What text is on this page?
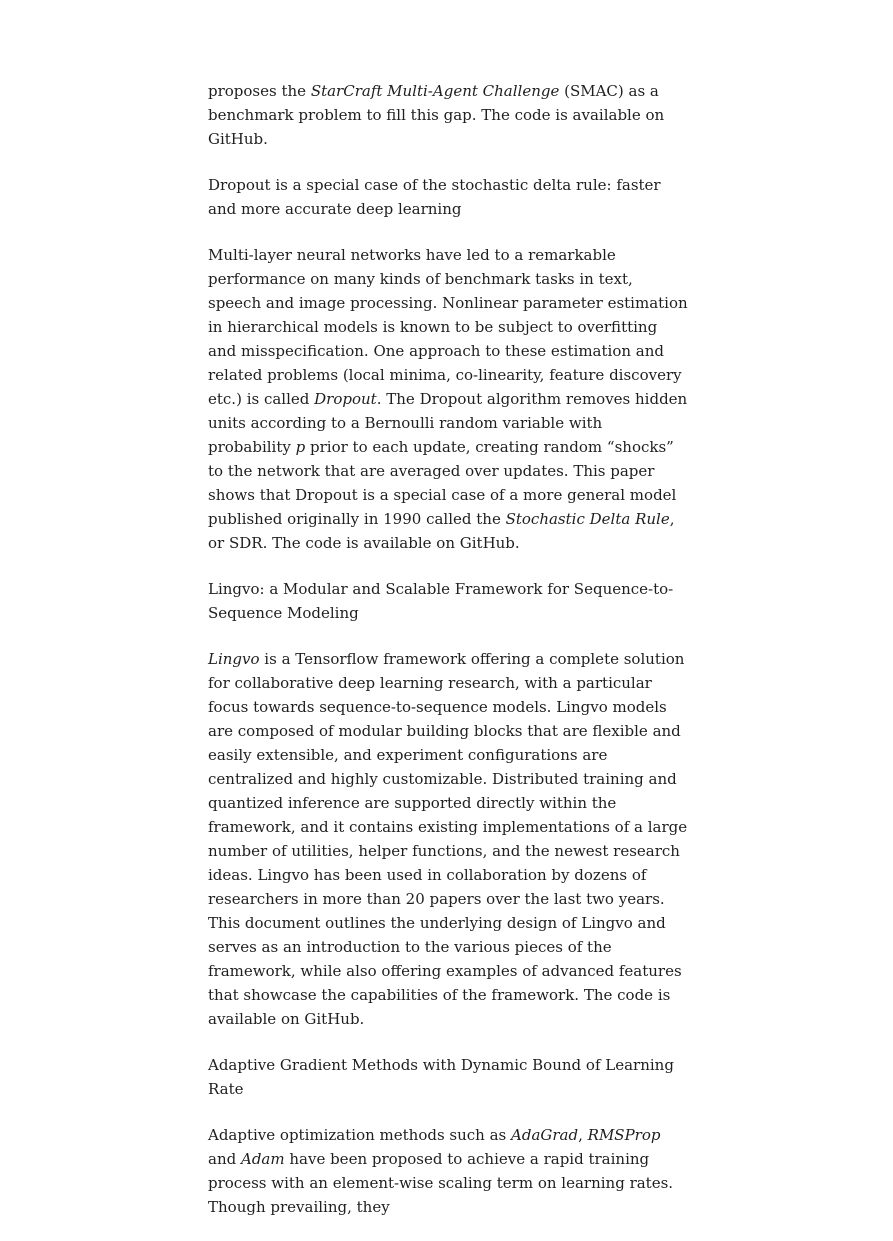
proposes the StarCraft Multi-Agent Challenge (SMAC) as a benchmark problem to fill this gap. The code is available on GitHub.

Dropout is a special case of the stochastic delta rule: faster and more accurate deep learning

Multi-layer neural networks have led to a remarkable performance on many kinds of benchmark tasks in text, speech and image processing. Nonlinear parameter estimation in hierarchical models is known to be subject to overfitting and misspecification. One approach to these estimation and related problems (local minima, co-linearity, feature discovery etc.) is called Dropout. The Dropout algorithm removes hidden units according to a Bernoulli random variable with probability p prior to each update, creating random “shocks” to the network that are averaged over updates. This paper shows that Dropout is a special case of a more general model published originally in 1990 called the Stochastic Delta Rule, or SDR. The code is available on GitHub.

Lingvo: a Modular and Scalable Framework for Sequence-to-Sequence Modeling

Lingvo is a Tensorflow framework offering a complete solution for collaborative deep learning research, with a particular focus towards sequence-to-sequence models. Lingvo models are composed of modular building blocks that are flexible and easily extensible, and experiment configurations are centralized and highly customizable. Distributed training and quantized inference are supported directly within the framework, and it contains existing implementations of a large number of utilities, helper functions, and the newest research ideas. Lingvo has been used in collaboration by dozens of researchers in more than 20 papers over the last two years. This document outlines the underlying design of Lingvo and serves as an introduction to the various pieces of the framework, while also offering examples of advanced features that showcase the capabilities of the framework. The code is available on GitHub.

Adaptive Gradient Methods with Dynamic Bound of Learning Rate

Adaptive optimization methods such as AdaGrad, RMSProp and Adam have been proposed to achieve a rapid training process with an element-wise scaling term on learning rates. Though prevailing, they
